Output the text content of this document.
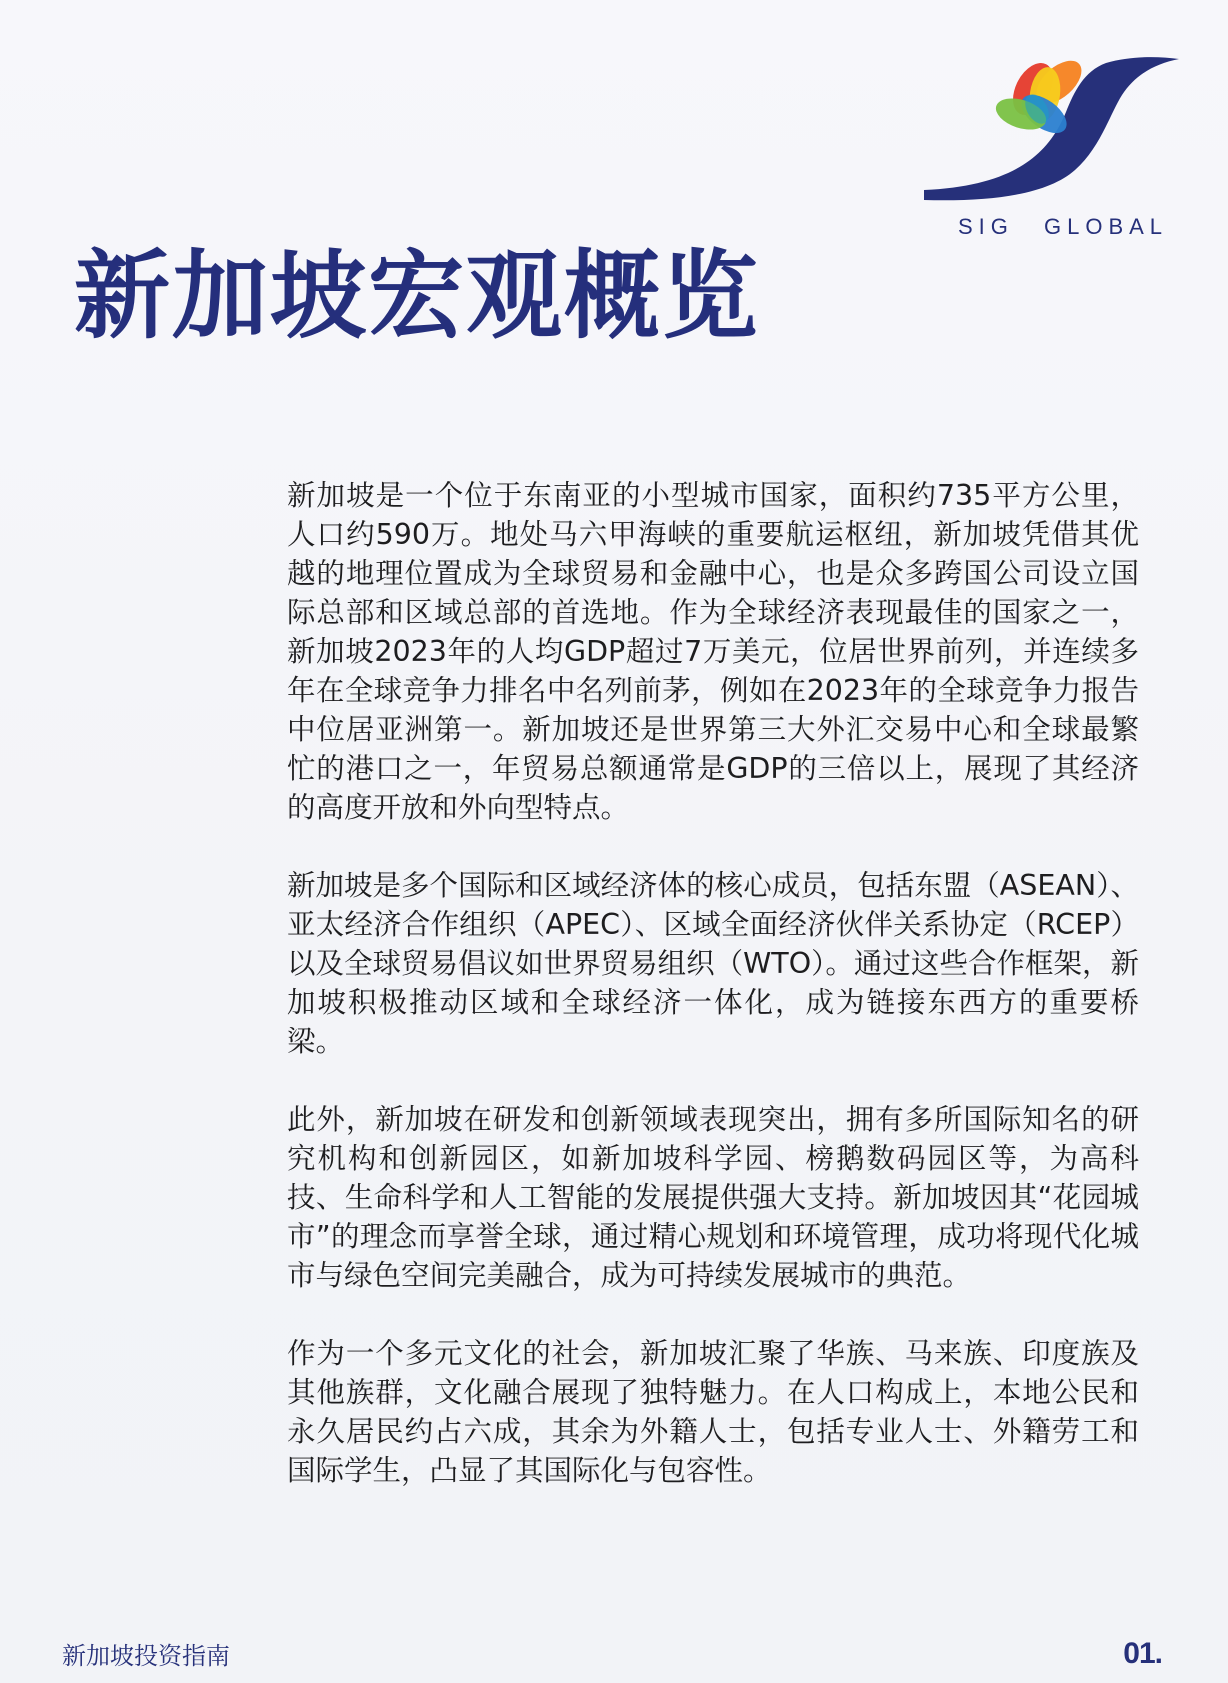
SIG GLOBAL
新加坡宏观概览

新加坡是一个位于东南亚的小型城市国家，面积约735平方公里，人口约590万。地处马六甲海峡的重要航运枢纽，新加坡凭借其优越的地理位置成为全球贸易和金融中心，也是众多跨国公司设立国际总部和区域总部的首选地。作为全球经济表现最佳的国家之一，新加坡2023年的人均GDP超过7万美元，位居世界前列，并连续多年在全球竞争力排名中名列前茅，例如在2023年的全球竞争力报告中位居亚洲第一。新加坡还是世界第三大外汇交易中心和全球最繁忙的港口之一，年贸易总额通常是GDP的三倍以上，展现了其经济的高度开放和外向型特点。

新加坡是多个国际和区域经济体的核心成员，包括东盟（ASEAN）、亚太经济合作组织（APEC）、区域全面经济伙伴关系协定（RCEP）以及全球贸易倡议如世界贸易组织（WTO）。通过这些合作框架，新加坡积极推动区域和全球经济一体化，成为链接东西方的重要桥梁。

此外，新加坡在研发和创新领域表现突出，拥有多所国际知名的研究机构和创新园区，如新加坡科学园、榜鹅数码园区等，为高科技、生命科学和人工智能的发展提供强大支持。新加坡因其“花园城市”的理念而享誉全球，通过精心规划和环境管理，成功将现代化城市与绿色空间完美融合，成为可持续发展城市的典范。

作为一个多元文化的社会，新加坡汇聚了华族、马来族、印度族及其他族群，文化融合展现了独特魅力。在人口构成上，本地公民和永久居民约占六成，其余为外籍人士，包括专业人士、外籍劳工和国际学生，凸显了其国际化与包容性。

新加坡投资指南	01.
